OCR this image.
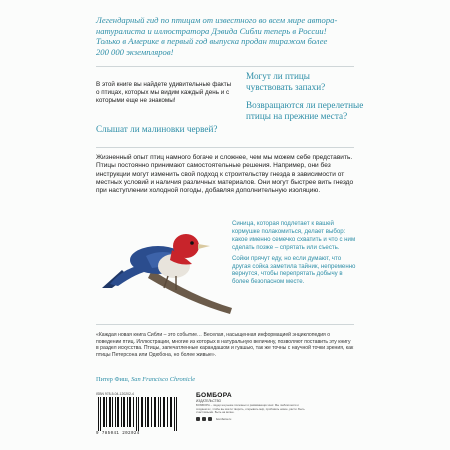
Легендарный гид по птицам от известного во всем мире автора-натуралиста и иллюстратора Дэвида Сибли теперь в России! Только в Америке в первый год выпуска продан тиражом более 200 000 экземпляров!
В этой книге вы найдете удивительные факты о птицах, которых мы видим каждый день и с которыми еще не знакомы!
Слышат ли малиновки червей?
Могут ли птицы чувствовать запахи?
Возвращаются ли перелетные птицы на прежние места?
Жизненный опыт птиц намного богаче и сложнее, чем мы можем себе представить. Птицы постоянно принимают самостоятельные решения. Например, они без инструкции могут изменить свой подход к строительству гнезда в зависимости от местных условий и наличия различных материалов. Они могут быстрее вить гнездо при наступлении холодной погоды, добавляя дополнительную изоляцию.

Синица, которая подлетает к вашей кормушке полакомиться, делает выбор: какое именно семечко схватить и что с ним сделать позже – спрятать или съесть.

Сойки прячут еду, но если думают, что другая сойка заметила тайник, непременно вернутся, чтобы перепрятать добычу в более безопасном месте.

«Каждая новая книга Сибли – это событие… Веселая, насыщенная информацией энциклопедия о поведении птиц. Иллюстрации, многие из которых в натуральную величину, позволяют поставить эту книгу в раздел искусства. Птицы, запечатленные карандашом и гуашью, так же точны с научной точки зрения, как птицы Петерсона или Одюбона, но более живые».
Питер Фиш, San Francisco Chronicle
ISBN 978-5-04-120202-4
9 785041 202024
БОМБОРА
ИЗДАТЕЛЬСТВО
БОМБОРА – лидер на рынке полезных и развивающих книг. Мы любим книги и создаем их, чтобы вы могли творить, открывать мир, пробовать новое, расти. Быть счастливыми. Быть на волне.
bombora.ru
